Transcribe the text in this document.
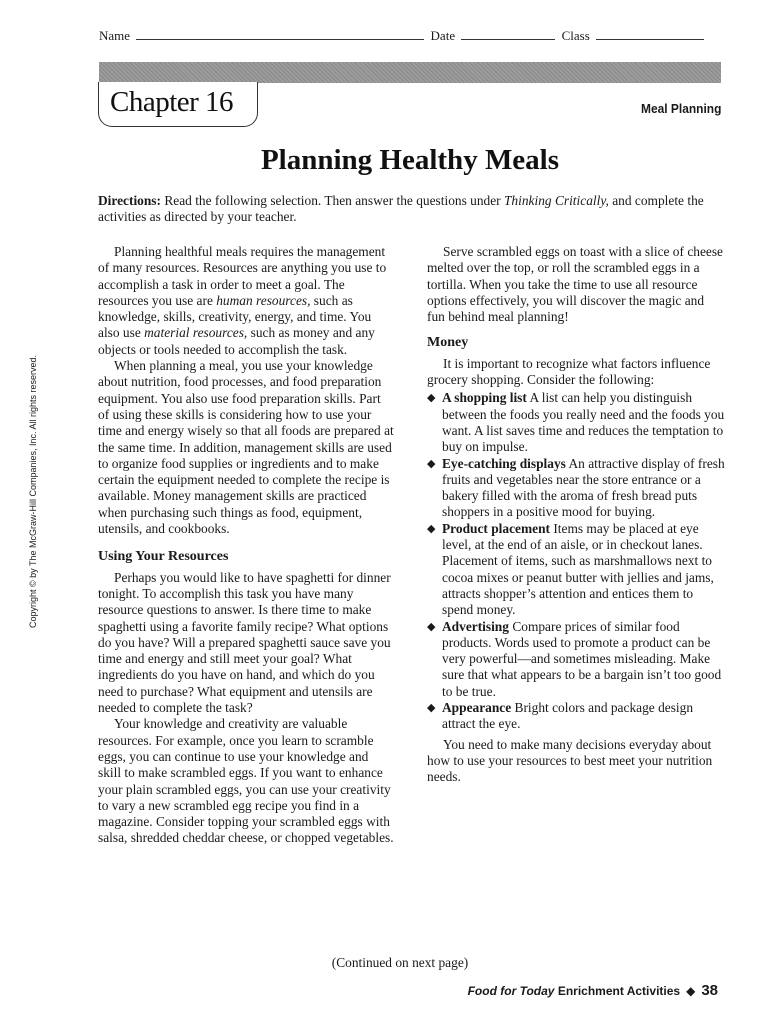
Name	Date	Class
Chapter 16	Meal Planning
Planning Healthy Meals
Directions: Read the following selection. Then answer the questions under Thinking Critically, and complete the activities as directed by your teacher.

Planning healthful meals requires the management of many resources. Resources are anything you use to accomplish a task in order to meet a goal. The resources you use are human resources, such as knowledge, skills, creativity, energy, and time. You also use material resources, such as money and any objects or tools needed to accomplish the task.

When planning a meal, you use your knowledge about nutrition, food processes, and food preparation equipment. You also use food preparation skills. Part of using these skills is considering how to use your time and energy wisely so that all foods are prepared at the same time. In addition, management skills are used to organize food supplies or ingredients and to make certain the equipment needed to complete the recipe is available. Money management skills are practiced when purchasing such things as food, equipment, utensils, and cookbooks.

Using Your Resources

Perhaps you would like to have spaghetti for dinner tonight. To accomplish this task you have many resource questions to answer. Is there time to make spaghetti using a favorite family recipe? What options do you have? Will a prepared spaghetti sauce save you time and energy and still meet your goal? What ingredients do you have on hand, and which do you need to purchase? What equipment and utensils are needed to complete the task?

Your knowledge and creativity are valuable resources. For example, once you learn to scramble eggs, you can continue to use your knowledge and skill to make scrambled eggs. If you want to enhance your plain scrambled eggs, you can use your creativity to vary a new scrambled egg recipe you find in a magazine. Consider topping your scrambled eggs with salsa, shredded cheddar cheese, or chopped vegetables.

Serve scrambled eggs on toast with a slice of cheese melted over the top, or roll the scrambled eggs in a tortilla. When you take the time to use all resource options effectively, you will discover the magic and fun behind meal planning!

Money

It is important to recognize what factors influence grocery shopping. Consider the following:

◆ A shopping list A list can help you distinguish between the foods you really need and the foods you want. A list saves time and reduces the temptation to buy on impulse.
◆ Eye-catching displays An attractive display of fresh fruits and vegetables near the store entrance or a bakery filled with the aroma of fresh bread puts shoppers in a positive mood for buying.
◆ Product placement Items may be placed at eye level, at the end of an aisle, or in checkout lanes. Placement of items, such as marshmallows next to cocoa mixes or peanut butter with jellies and jams, attracts shopper’s attention and entices them to spend money.
◆ Advertising Compare prices of similar food products. Words used to promote a product can be very powerful—and sometimes misleading. Make sure that what appears to be a bargain isn’t too good to be true.
◆ Appearance Bright colors and package design attract the eye.

You need to make many decisions everyday about how to use your resources to best meet your nutrition needs.

Copyright © by The McGraw-Hill Companies, Inc. All rights reserved.
(Continued on next page)
Food for Today Enrichment Activities ◆ 38
